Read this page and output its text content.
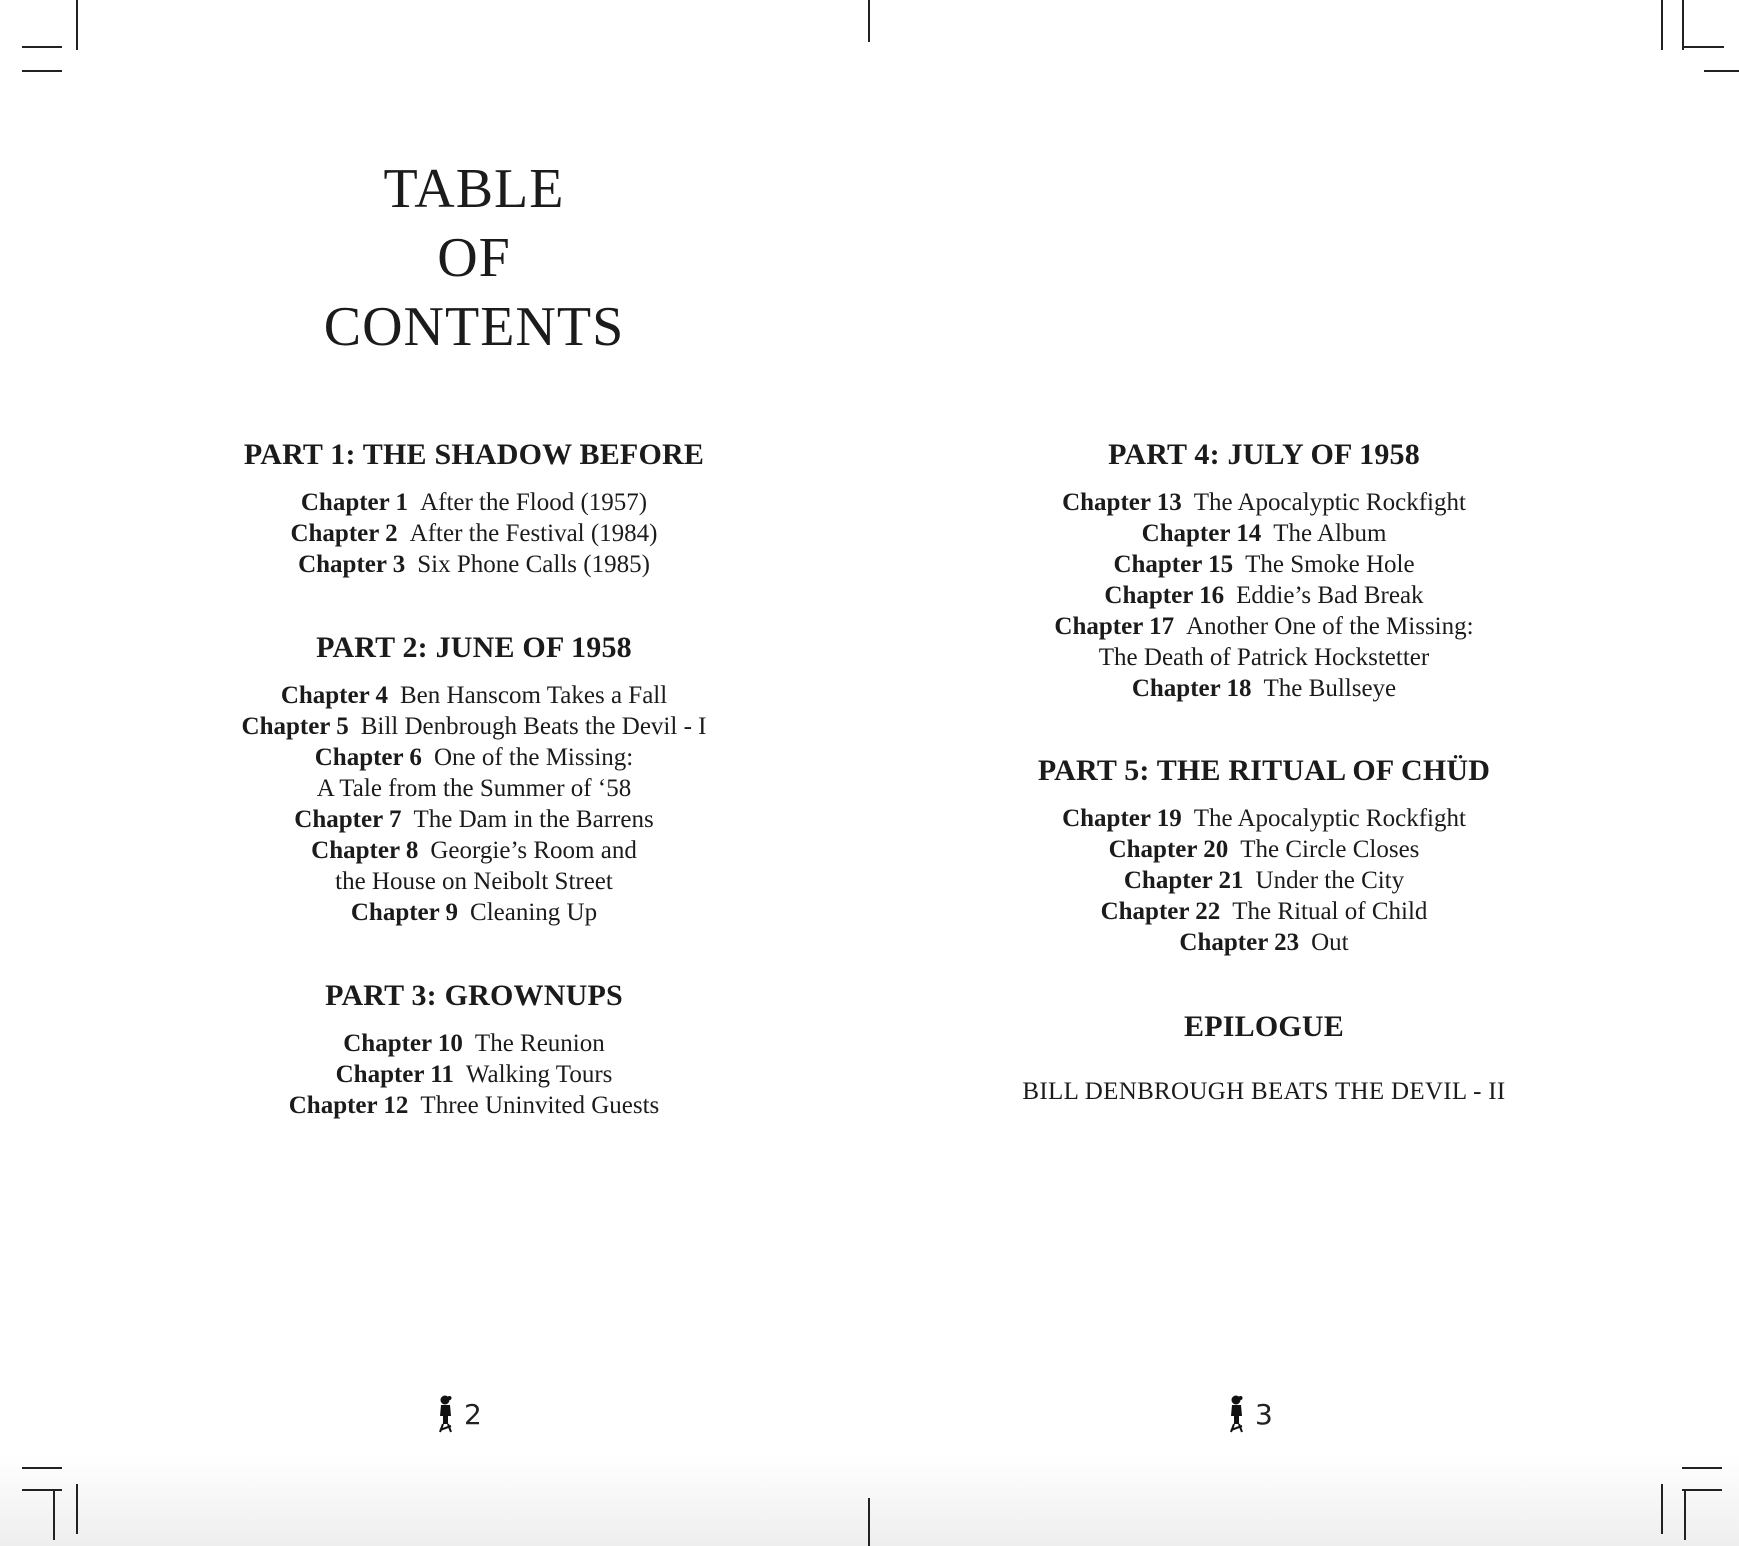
TABLE
OF
CONTENTS
PART 1: THE SHADOW BEFORE
Chapter 1 After the Flood (1957)
Chapter 2 After the Festival (1984)
Chapter 3 Six Phone Calls (1985)
PART 2: JUNE OF 1958
Chapter 4 Ben Hanscom Takes a Fall
Chapter 5 Bill Denbrough Beats the Devil - I
Chapter 6 One of the Missing:
A Tale from the Summer of ‘58
Chapter 7 The Dam in the Barrens
Chapter 8 Georgie’s Room and
the House on Neibolt Street
Chapter 9 Cleaning Up
PART 3: GROWNUPS
Chapter 10 The Reunion
Chapter 11 Walking Tours
Chapter 12 Three Uninvited Guests
2
PART 4: JULY OF 1958
Chapter 13 The Apocalyptic Rockfight
Chapter 14 The Album
Chapter 15 The Smoke Hole
Chapter 16 Eddie’s Bad Break
Chapter 17 Another One of the Missing:
The Death of Patrick Hockstetter
Chapter 18 The Bullseye
PART 5: THE RITUAL OF CHÜD
Chapter 19 The Apocalyptic Rockfight
Chapter 20 The Circle Closes
Chapter 21 Under the City
Chapter 22 The Ritual of Child
Chapter 23 Out
EPILOGUE
BILL DENBROUGH BEATS THE DEVIL - II
3
